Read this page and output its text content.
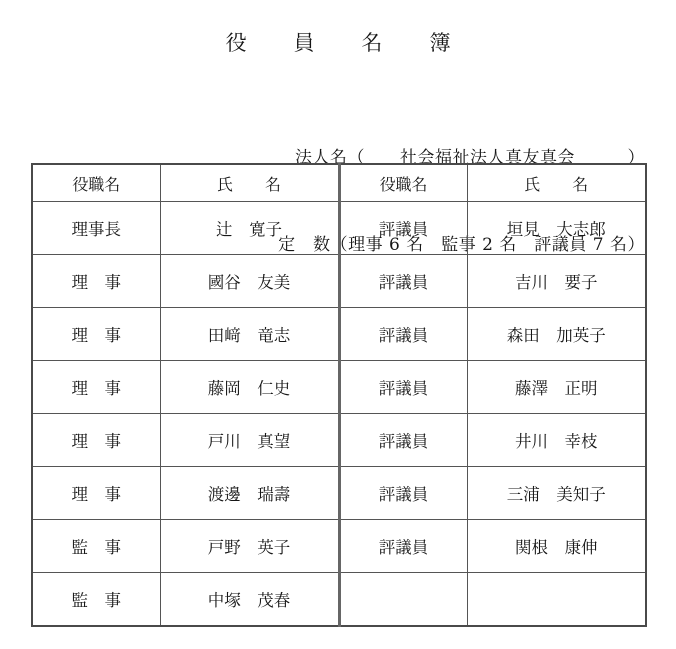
役　員　名　簿

法人名（　　社会福祉法人真友真会　　　）

定　数（理事 6 名　監事 2 名　評議員 7 名）

役職名	氏　　名	役職名	氏　　名
理事長	辻　寛子	評議員	垣見　大志郎
理　事	國谷　友美	評議員	吉川　要子
理　事	田﨑　竜志	評議員	森田　加英子
理　事	藤岡　仁史	評議員	藤澤　正明
理　事	戸川　真望	評議員	井川　幸枝
理　事	渡邊　瑞壽	評議員	三浦　美知子
監　事	戸野　英子	評議員	関根　康伸
監　事	中塚　茂春		
